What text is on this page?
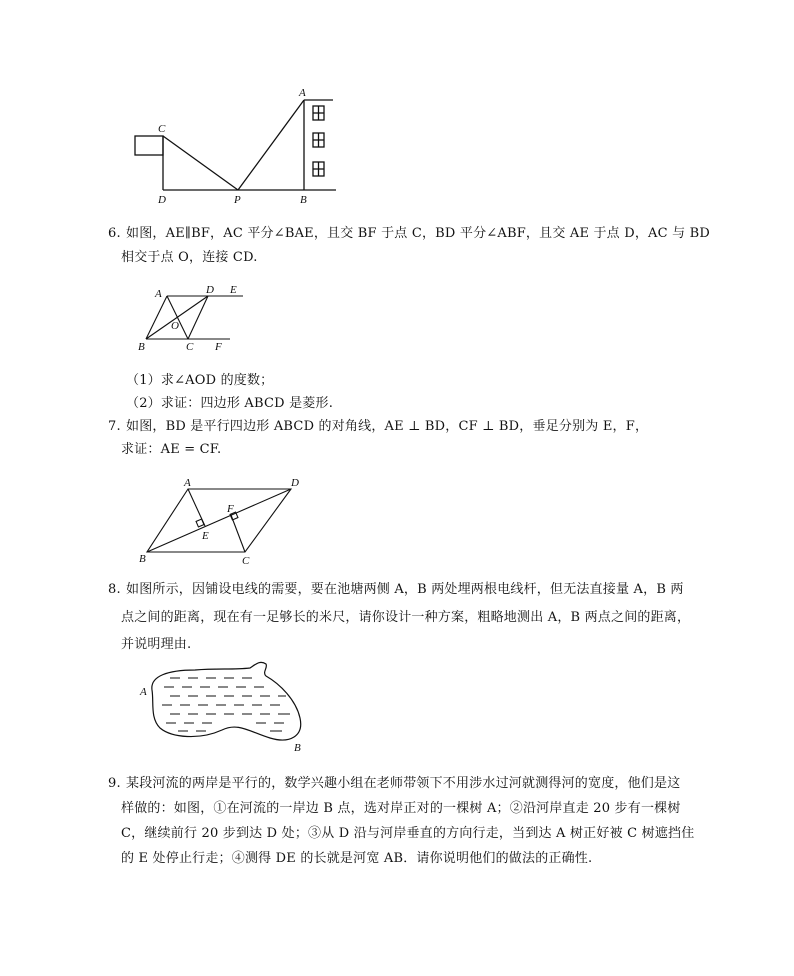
A
C
D	P	B
A	D E
O
B	C F
A	D
F
E
B	C
A
B
6. 如图，AE∥BF，AC 平分∠BAE，且交 BF 于点 C，BD 平分∠ABF，且交 AE 于点 D，AC 与 BD
相交于点 O，连接 CD.
（1）求∠AOD 的度数；
（2）求证：四边形 ABCD 是菱形.
7. 如图，BD 是平行四边形 ABCD 的对角线，AE ⊥ BD，CF ⊥ BD，垂足分别为 E，F，
求证：AE = CF.
8. 如图所示，因铺设电线的需要，要在池塘两侧 A，B 两处埋两根电线杆，但无法直接量 A，B 两
点之间的距离，现在有一足够长的米尺，请你设计一种方案，粗略地测出 A，B 两点之间的距离，
并说明理由.
9. 某段河流的两岸是平行的，数学兴趣小组在老师带领下不用涉水过河就测得河的宽度，他们是这
样做的：如图，①在河流的一岸边 B 点，选对岸正对的一棵树 A；②沿河岸直走 20 步有一棵树
C，继续前行 20 步到达 D 处；③从 D 沿与河岸垂直的方向行走，当到达 A 树正好被 C 树遮挡住
的 E 处停止行走；④测得 DE 的长就是河宽 AB．请你说明他们的做法的正确性.
